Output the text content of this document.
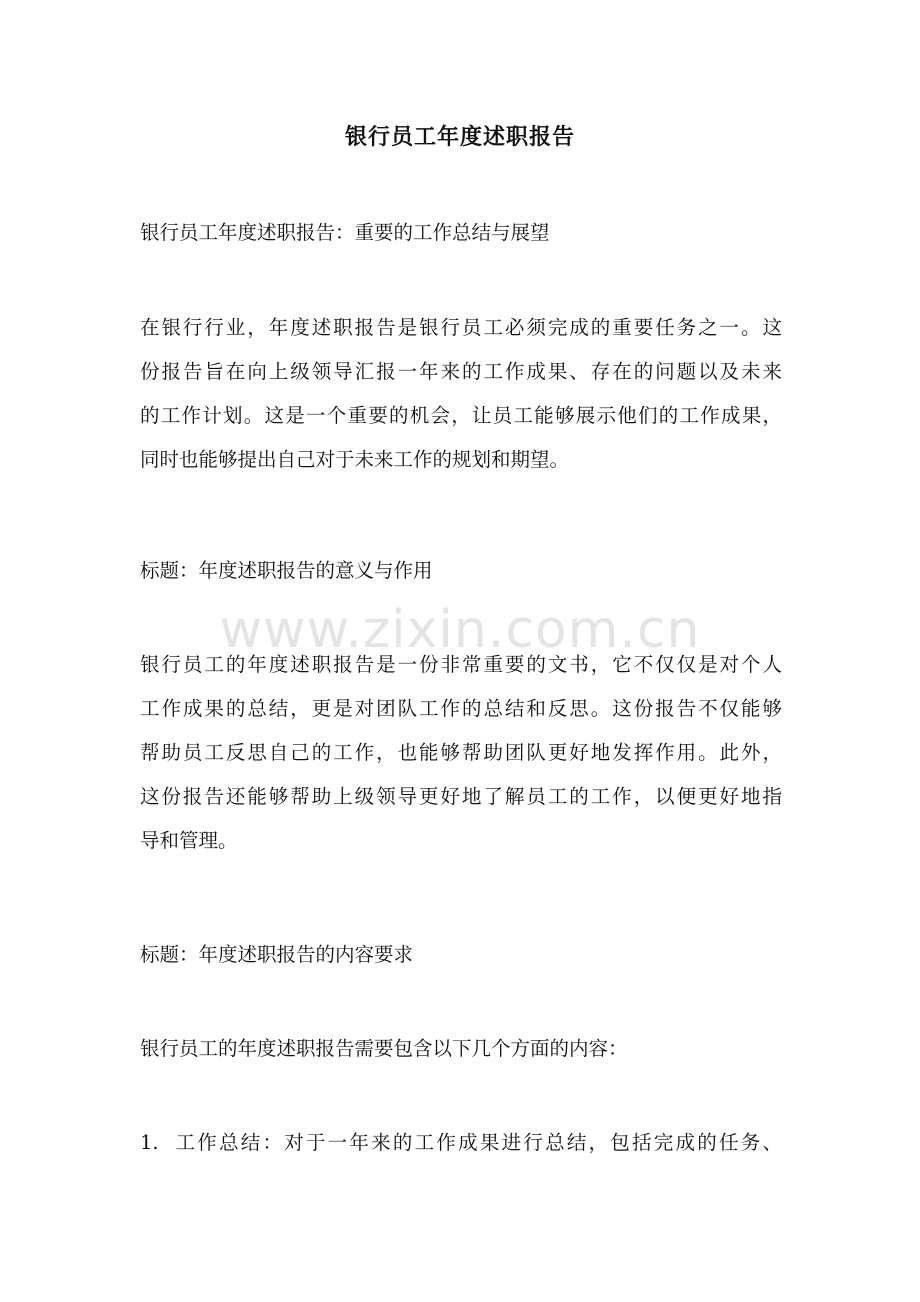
www.zixin.com.cn
银行员工年度述职报告
银行员工年度述职报告：重要的工作总结与展望
在银行行业，年度述职报告是银行员工必须完成的重要任务之一。这
份报告旨在向上级领导汇报一年来的工作成果、存在的问题以及未来
的工作计划。这是一个重要的机会，让员工能够展示他们的工作成果，
同时也能够提出自己对于未来工作的规划和期望。
标题：年度述职报告的意义与作用
银行员工的年度述职报告是一份非常重要的文书，它不仅仅是对个人
工作成果的总结，更是对团队工作的总结和反思。这份报告不仅能够
帮助员工反思自己的工作，也能够帮助团队更好地发挥作用。此外，
这份报告还能够帮助上级领导更好地了解员工的工作，以便更好地指
导和管理。
标题：年度述职报告的内容要求
银行员工的年度述职报告需要包含以下几个方面的内容：
1.  工作总结：对于一年来的工作成果进行总结，包括完成的任务、
